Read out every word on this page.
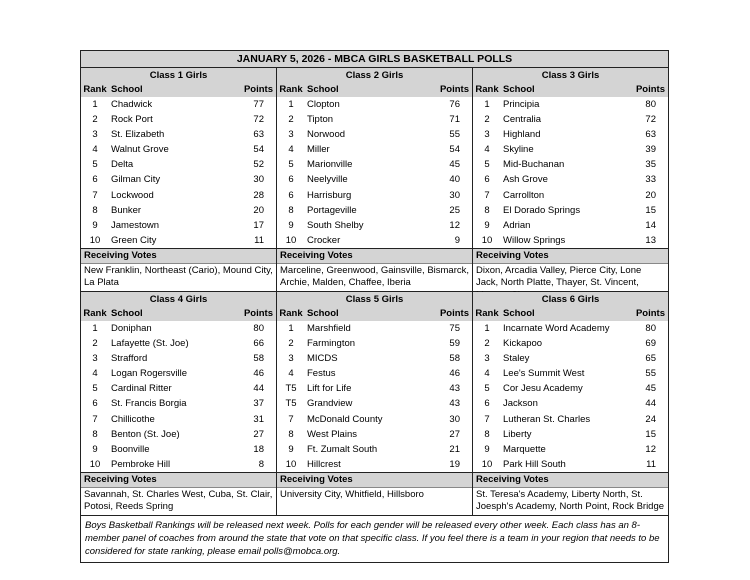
JANUARY 5, 2026 - MBCA GIRLS BASKETBALL POLLS
Class 1 Girls
Rank School	Points
1	Chadwick	77
2	Rock Port	72
3	St. Elizabeth	63
4	Walnut Grove	54
5	Delta	52
6	Gilman City	30
7	Lockwood	28
8	Bunker	20
9	Jamestown	17
10	Green City	11
Receiving Votes
New Franklin, Northeast (Cario), Mound City, La Plata
Class 2 Girls
Rank School	Points
1	Clopton	76
2	Tipton	71
3	Norwood	55
4	Miller	54
5	Marionville	45
6	Neelyville	40
6	Harrisburg	30
8	Portageville	25
9	South Shelby	12
10	Crocker	9
Receiving Votes
Marceline, Greenwood, Gainsville, Bismarck, Archie, Malden, Chaffee, Iberia
Class 3 Girls
Rank School	Points
1	Principia	80
2	Centralia	72
3	Highland	63
4	Skyline	39
5	Mid-Buchanan	35
6	Ash Grove	33
7	Carrollton	20
8	El Dorado Springs	15
9	Adrian	14
10	Willow Springs	13
Receiving Votes
Dixon, Arcadia Valley, Pierce City, Lone Jack, North Platte, Thayer, St. Vincent,
Class 4 Girls
Rank School	Points
1	Doniphan	80
2	Lafayette (St. Joe)	66
3	Strafford	58
4	Logan Rogersville	46
5	Cardinal Ritter	44
6	St. Francis Borgia	37
7	Chillicothe	31
8	Benton (St. Joe)	27
9	Boonville	18
10	Pembroke Hill	8
Receiving Votes
Savannah, St. Charles West, Cuba, St. Clair, Potosi, Reeds Spring
Class 5 Girls
Rank School	Points
1	Marshfield	75
2	Farmington	59
3	MICDS	58
4	Festus	46
T5	Lift for Life	43
T5	Grandview	43
7	McDonald County	30
8	West Plains	27
9	Ft. Zumalt South	21
10	Hillcrest	19
Receiving Votes
University City, Whitfield, Hillsboro
Class 6 Girls
Rank School	Points
1	Incarnate Word Academy	80
2	Kickapoo	69
3	Staley	65
4	Lee's Summit West	55
5	Cor Jesu Academy	45
6	Jackson	44
7	Lutheran St. Charles	24
8	Liberty	15
9	Marquette	12
10	Park Hill South	11
Receiving Votes
St. Teresa's Academy, Liberty North, St. Joesph's Academy, North Point, Rock Bridge
Boys Basketball Rankings will be released next week. Polls for each gender will be released every other week. Each class has an 8-member panel of coaches from around the state that vote on that specific class. If you feel there is a team in your region that needs to be considered for state ranking, please email polls@mobca.org.
